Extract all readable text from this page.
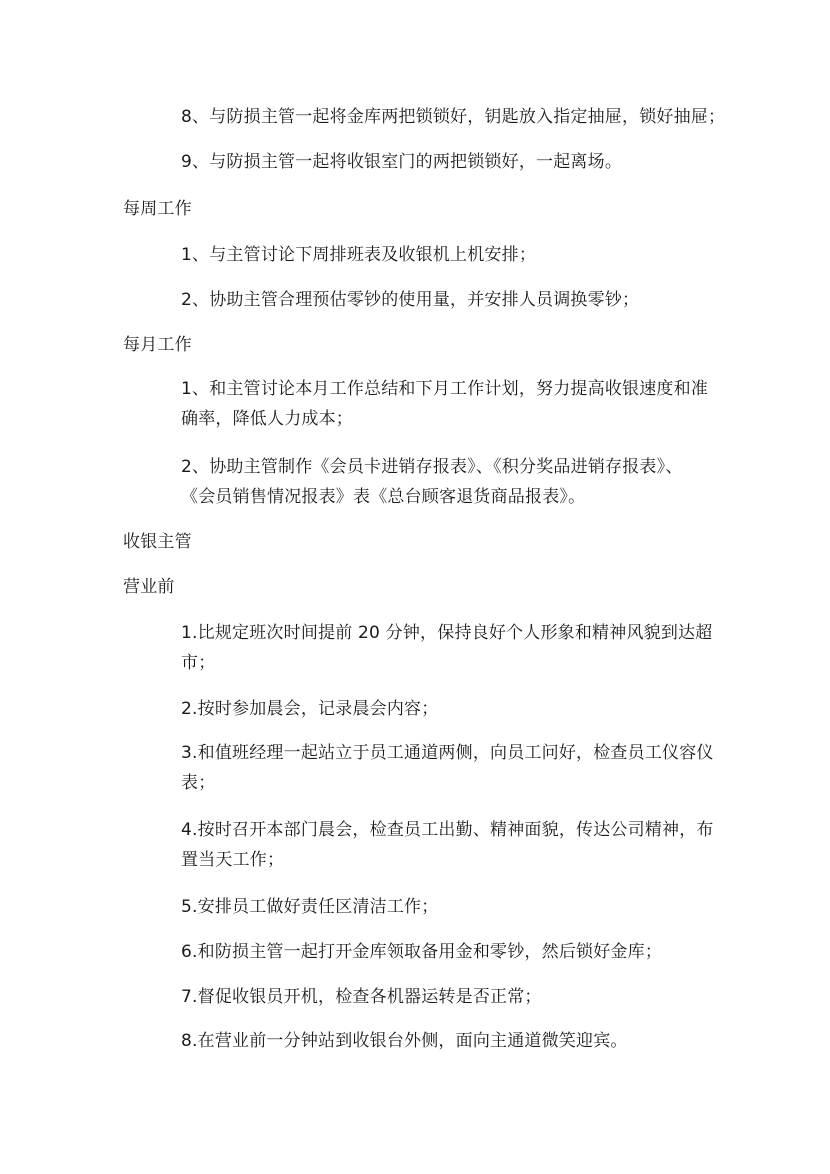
8、与防损主管一起将金库两把锁锁好，钥匙放入指定抽屉，锁好抽屉；
9、与防损主管一起将收银室门的两把锁锁好，一起离场。
每周工作
1、与主管讨论下周排班表及收银机上机安排；
2、协助主管合理预估零钞的使用量，并安排人员调换零钞；
每月工作
1、和主管讨论本月工作总结和下月工作计划，努力提高收银速度和准
确率，降低人力成本；
2、协助主管制作《会员卡进销存报表》、《积分奖品进销存报表》、
《会员销售情况报表》表《总台顾客退货商品报表》。
收银主管
营业前
1.比规定班次时间提前 20 分钟，保持良好个人形象和精神风貌到达超
市；
2.按时参加晨会，记录晨会内容；
3.和值班经理一起站立于员工通道两侧，向员工问好，检查员工仪容仪
表；
4.按时召开本部门晨会，检查员工出勤、精神面貌，传达公司精神，布
置当天工作；
5.安排员工做好责任区清洁工作；
6.和防损主管一起打开金库领取备用金和零钞，然后锁好金库；
7.督促收银员开机，检查各机器运转是否正常；
8.在营业前一分钟站到收银台外侧，面向主通道微笑迎宾。
